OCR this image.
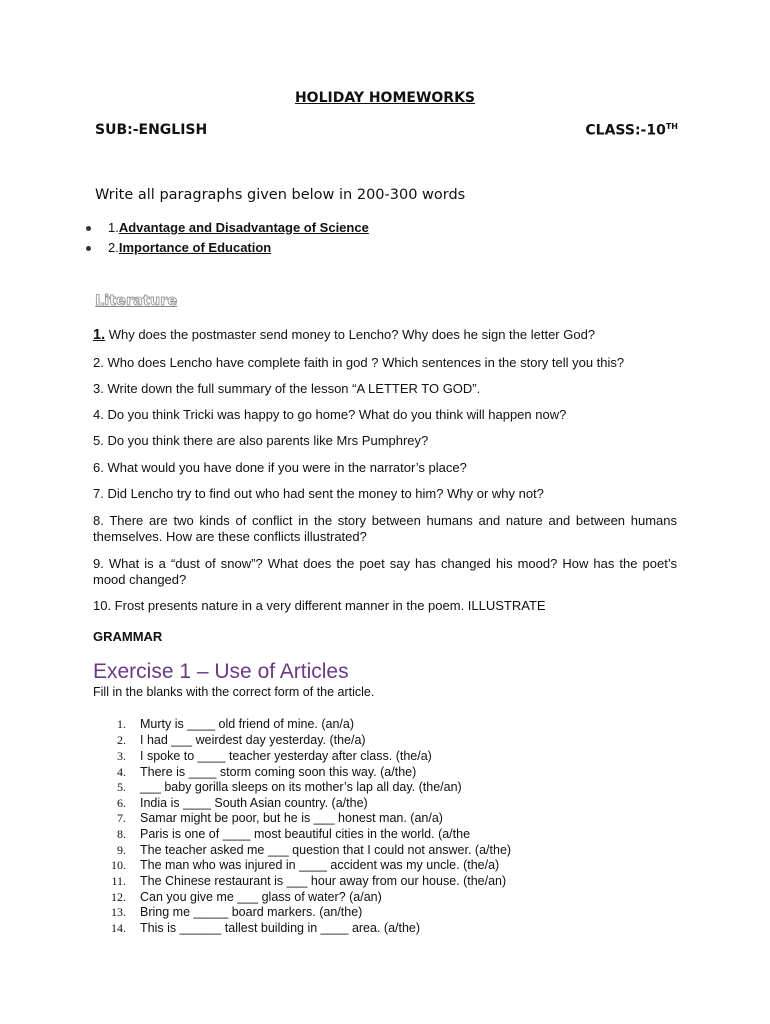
HOLIDAY HOMEWORKS
SUB:-ENGLISH	CLASS:-10TH
Write all paragraphs given below in 200-300 words
1.Advantage and Disadvantage of Science
2.Importance of Education
Literature
1. Why does the postmaster send money to Lencho? Why does he sign the letter God?
2. Who does Lencho have complete faith in god ? Which sentences in the story tell you this?
3. Write down the full summary of the lesson “A LETTER TO GOD”.
4. Do you think Tricki was happy to go home? What do you think will happen now?
5. Do you think there are also parents like Mrs Pumphrey?
6. What would you have done if you were in the narrator’s place?
7. Did Lencho try to find out who had sent the money to him? Why or why not?
8. There are two kinds of conflict in the story between humans and nature and between humans themselves. How are these conflicts illustrated?
9. What is a “dust of snow”? What does the poet say has changed his mood? How has the poet’s mood changed?
10. Frost presents nature in a very different manner in the poem. ILLUSTRATE
GRAMMAR
Exercise 1 – Use of Articles
Fill in the blanks with the correct form of the article.
1. Murty is ____ old friend of mine. (an/a)
2. I had ___ weirdest day yesterday. (the/a)
3. I spoke to ____ teacher yesterday after class. (the/a)
4. There is ____ storm coming soon this way. (a/the)
5. ___ baby gorilla sleeps on its mother’s lap all day. (the/an)
6. India is ____ South Asian country. (a/the)
7. Samar might be poor, but he is ___ honest man. (an/a)
8. Paris is one of ____ most beautiful cities in the world. (a/the
9. The teacher asked me ___ question that I could not answer. (a/the)
10. The man who was injured in ____ accident was my uncle. (the/a)
11. The Chinese restaurant is ___ hour away from our house. (the/an)
12. Can you give me ___ glass of water? (a/an)
13. Bring me _____ board markers. (an/the)
14. This is ______ tallest building in ____ area. (a/the)
